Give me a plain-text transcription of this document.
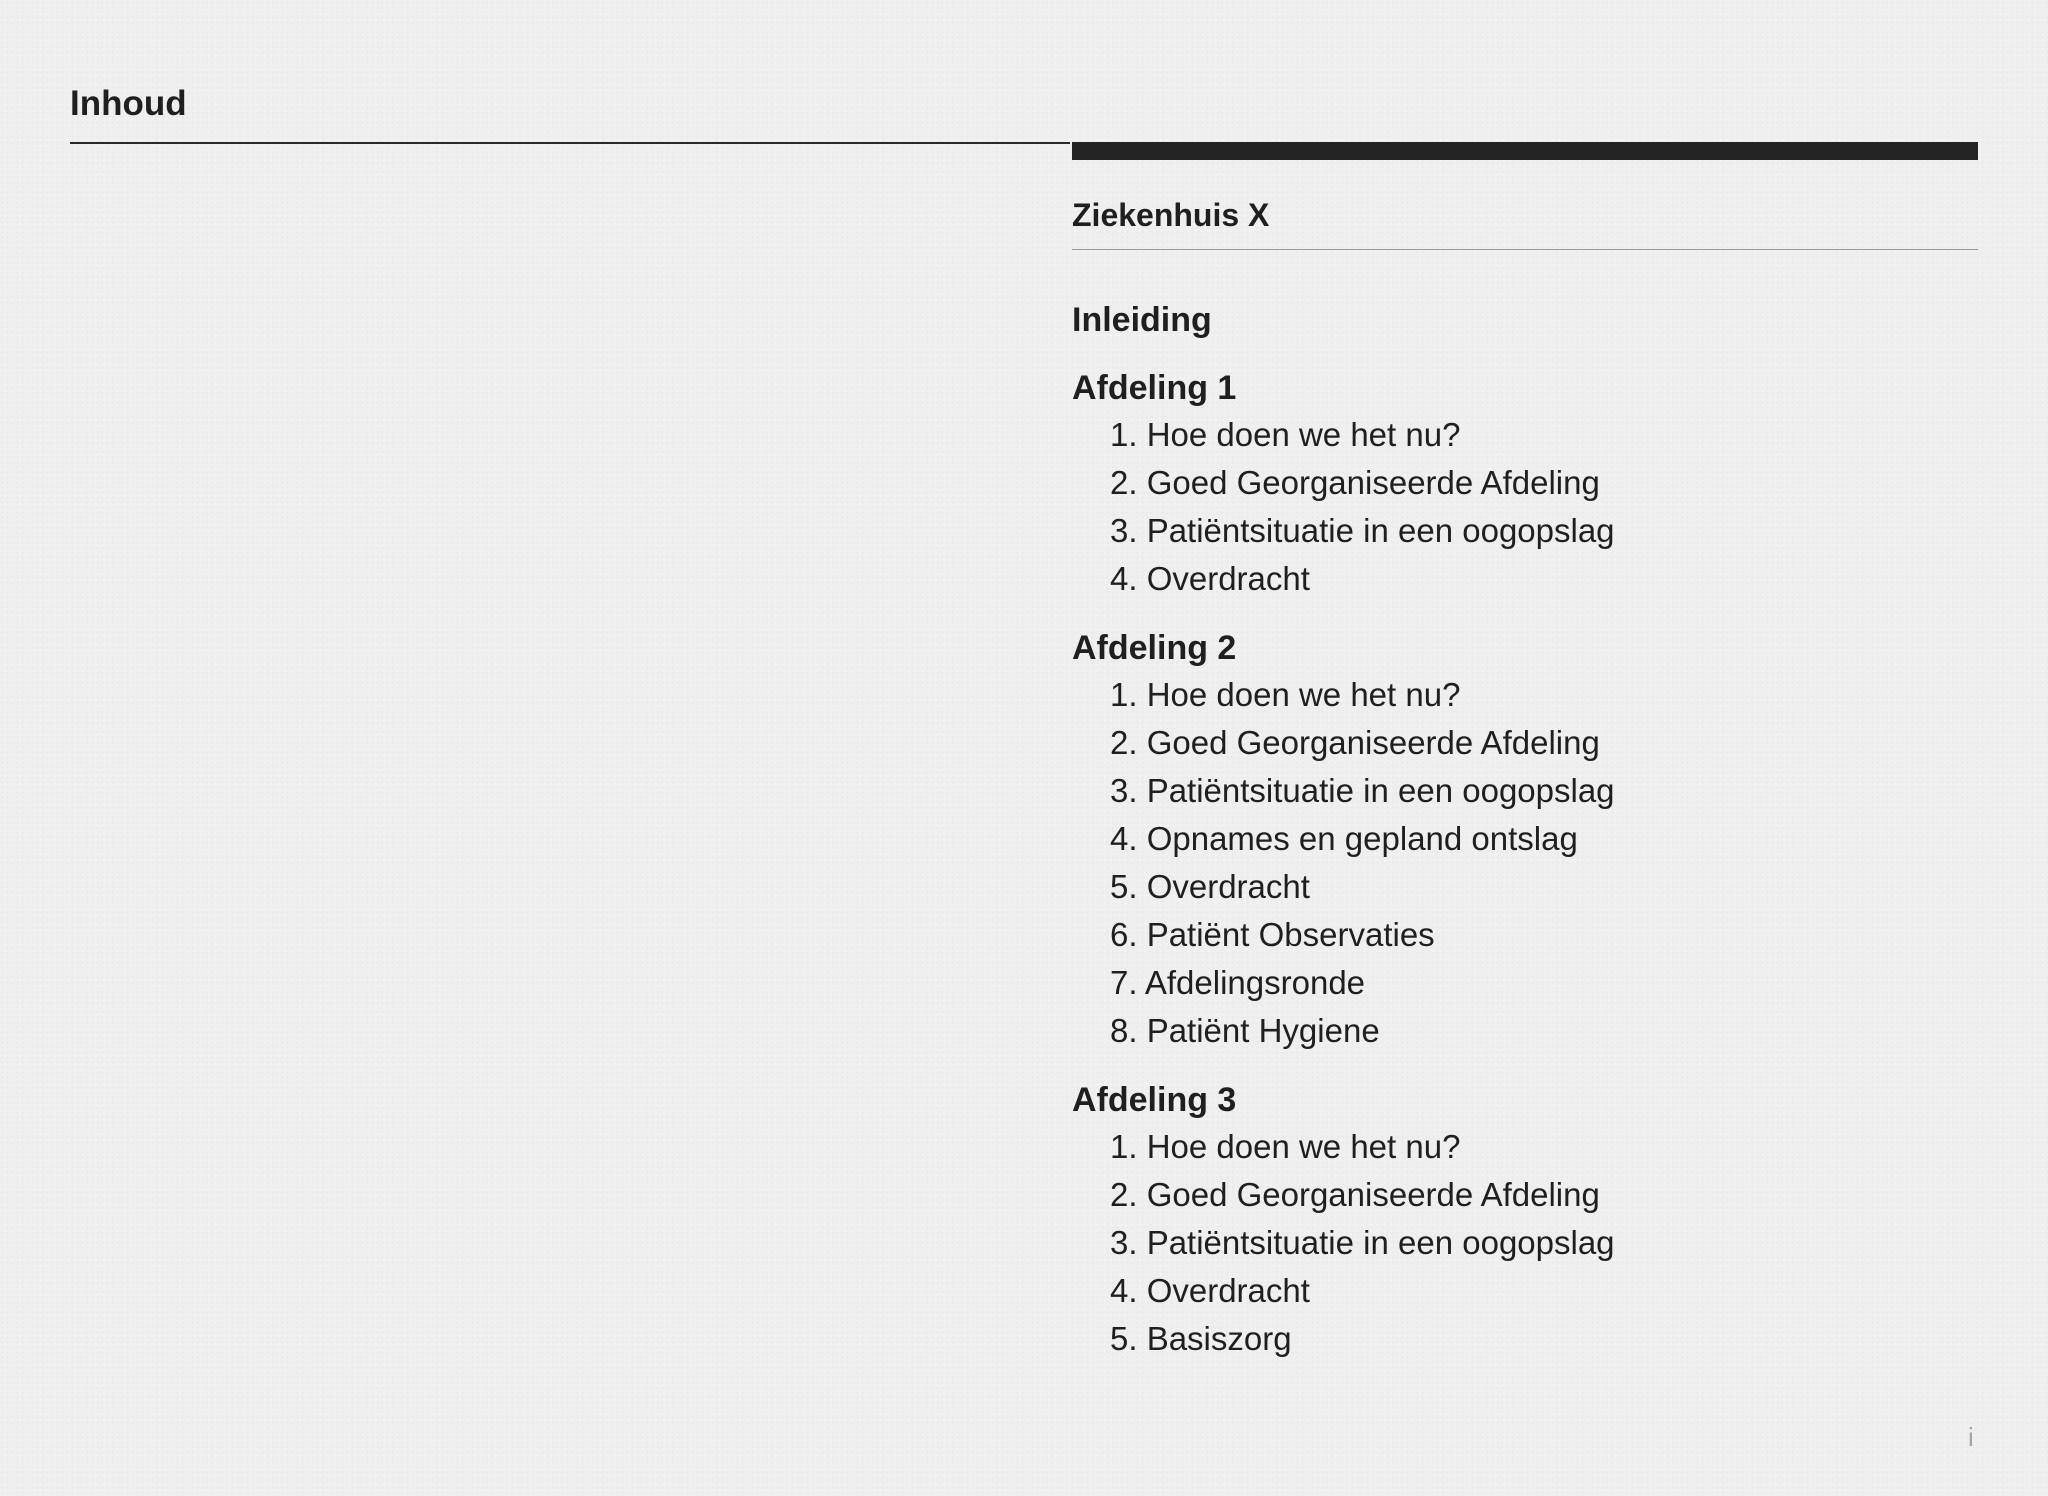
Inhoud
Ziekenhuis X
Inleiding
Afdeling 1
1. Hoe doen we het nu?
2. Goed Georganiseerde Afdeling
3. Patiëntsituatie in een oogopslag
4. Overdracht
Afdeling 2
1. Hoe doen we het nu?
2. Goed Georganiseerde Afdeling
3. Patiëntsituatie in een oogopslag
4. Opnames en gepland ontslag
5. Overdracht
6. Patiënt Observaties
7. Afdelingsronde
8. Patiënt Hygiene
Afdeling 3
1. Hoe doen we het nu?
2. Goed Georganiseerde Afdeling
3. Patiëntsituatie in een oogopslag
4. Overdracht
5. Basiszorg
i
